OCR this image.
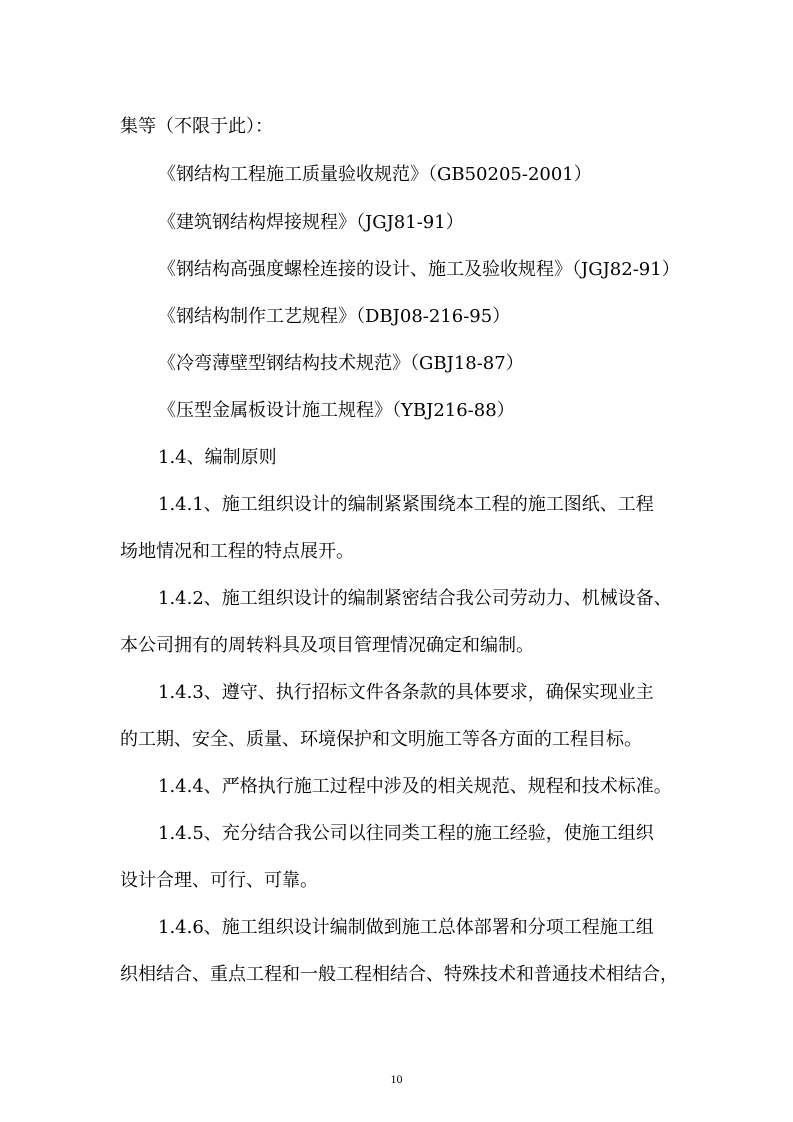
集等（不限于此）：

《钢结构工程施工质量验收规范》（GB50205-2001）

《建筑钢结构焊接规程》（JGJ81-91）

《钢结构高强度螺栓连接的设计、施工及验收规程》（JGJ82-91）

《钢结构制作工艺规程》（DBJ08-216-95）

《冷弯薄壁型钢结构技术规范》（GBJ18-87）

《压型金属板设计施工规程》（YBJ216-88）

1.4、编制原则

1.4.1、施工组织设计的编制紧紧围绕本工程的施工图纸、工程

场地情况和工程的特点展开。

1.4.2、施工组织设计的编制紧密结合我公司劳动力、机械设备、

本公司拥有的周转料具及项目管理情况确定和编制。

1.4.3、遵守、执行招标文件各条款的具体要求，确保实现业主

的工期、安全、质量、环境保护和文明施工等各方面的工程目标。

1.4.4、严格执行施工过程中涉及的相关规范、规程和技术标准。

1.4.5、充分结合我公司以往同类工程的施工经验，使施工组织

设计合理、可行、可靠。

1.4.6、施工组织设计编制做到施工总体部署和分项工程施工组

织相结合、重点工程和一般工程相结合、特殊技术和普通技术相结合，

10
